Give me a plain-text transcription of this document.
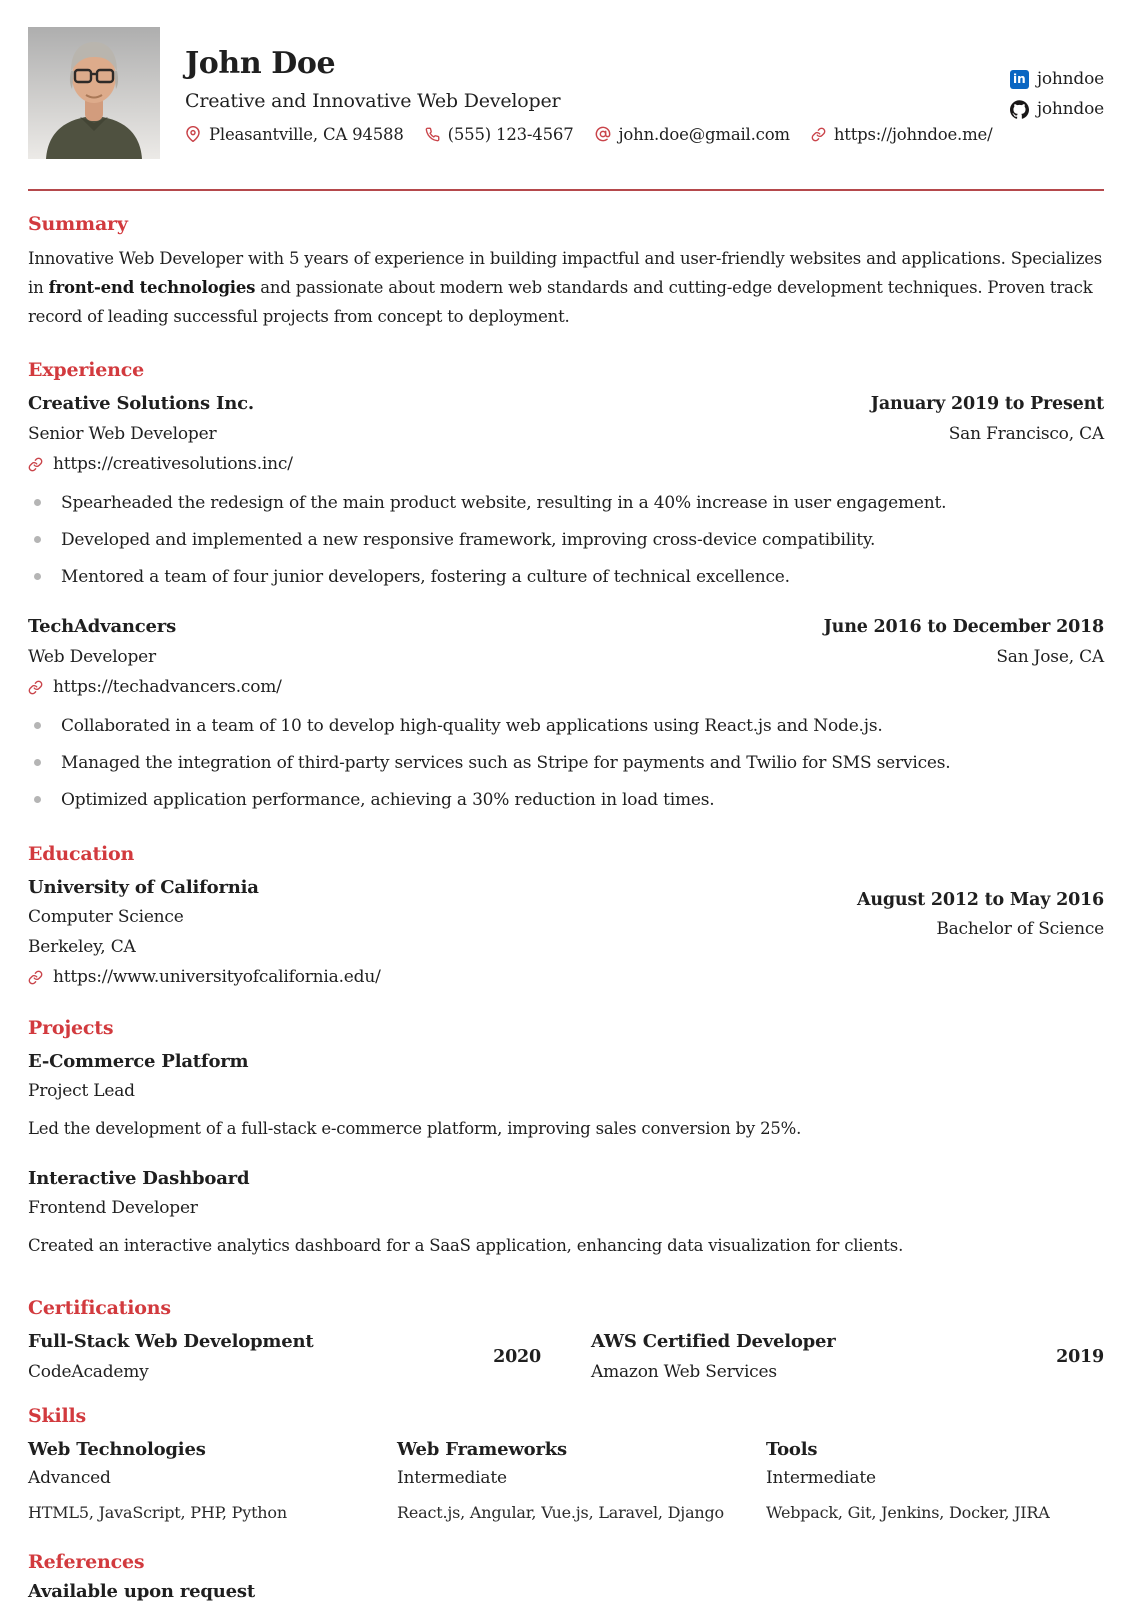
John Doe
Creative and Innovative Web Developer
Pleasantville, CA 94588	(555) 123-4567	john.doe@gmail.com	https://johndoe.me/
in johndoe
johndoe
Summary
Innovative Web Developer with 5 years of experience in building impactful and user-friendly websites and applications. Specializes in front-end technologies and passionate about modern web standards and cutting-edge development techniques. Proven track record of leading successful projects from concept to deployment.
Experience
Creative Solutions Inc.	January 2019 to Present
Senior Web Developer	San Francisco, CA
https://creativesolutions.inc/
Spearheaded the redesign of the main product website, resulting in a 40% increase in user engagement.
Developed and implemented a new responsive framework, improving cross-device compatibility.
Mentored a team of four junior developers, fostering a culture of technical excellence.
TechAdvancers	June 2016 to December 2018
Web Developer	San Jose, CA
https://techadvancers.com/
Collaborated in a team of 10 to develop high-quality web applications using React.js and Node.js.
Managed the integration of third-party services such as Stripe for payments and Twilio for SMS services.
Optimized application performance, achieving a 30% reduction in load times.
Education
University of California
Computer Science
Berkeley, CA
August 2012 to May 2016
Bachelor of Science
https://www.universityofcalifornia.edu/
Projects
E-Commerce Platform
Project Lead
Led the development of a full-stack e-commerce platform, improving sales conversion by 25%.
Interactive Dashboard
Frontend Developer
Created an interactive analytics dashboard for a SaaS application, enhancing data visualization for clients.
Certifications
Full-Stack Web Development
CodeAcademy
2020
AWS Certified Developer
Amazon Web Services
2019
Skills
Web Technologies
Advanced
HTML5, JavaScript, PHP, Python
Web Frameworks
Intermediate
React.js, Angular, Vue.js, Laravel, Django
Tools
Intermediate
Webpack, Git, Jenkins, Docker, JIRA
References
Available upon request
